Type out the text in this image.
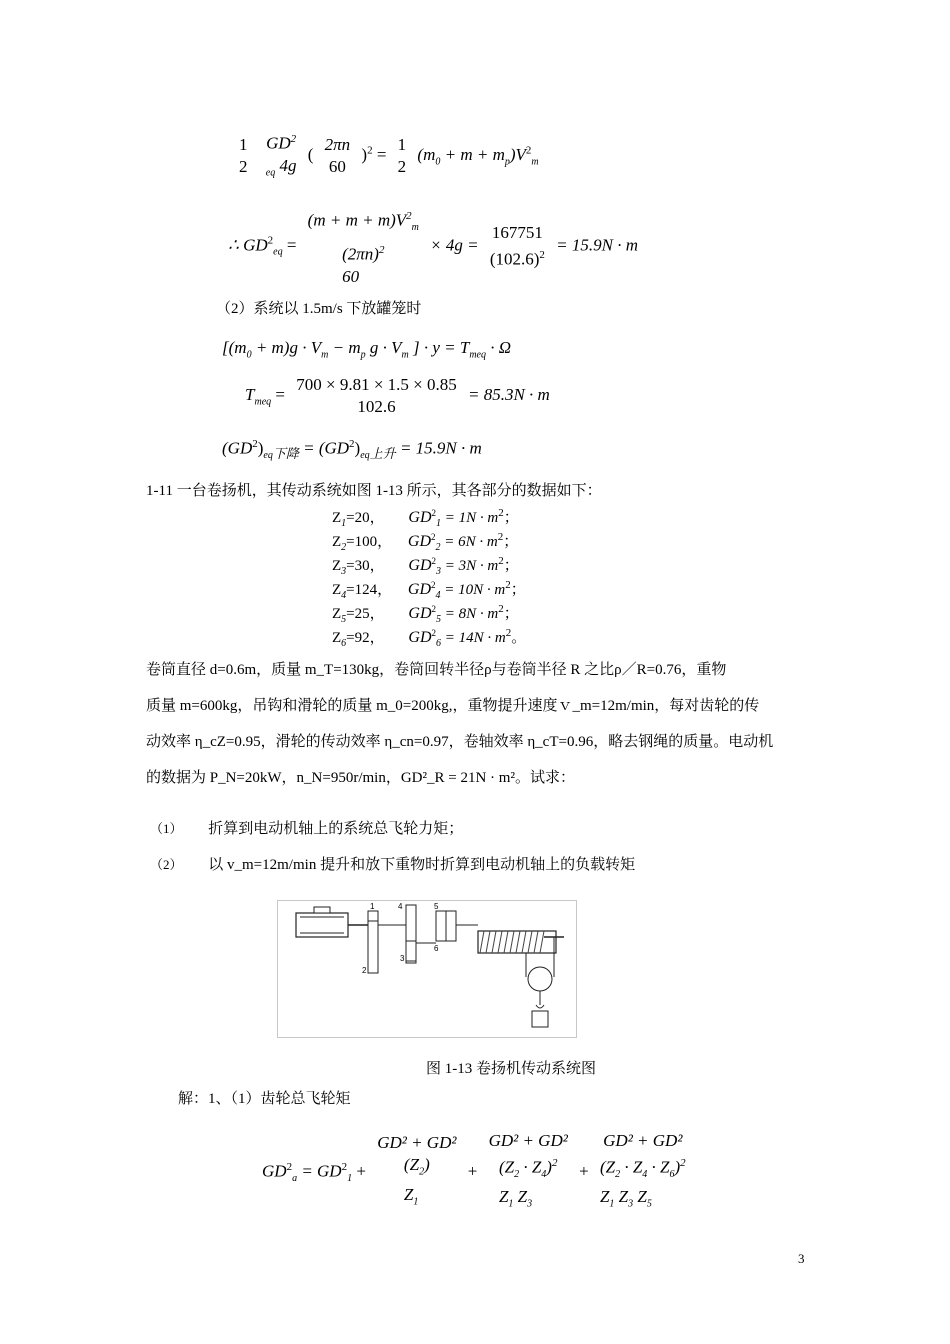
1
2

$GD^2$
$_{eq}$ 4g
(
2πn
60
)$^2$ =
1
2
$(m_0 + m + m_p)V^2_m$
∴ $GD^2_{eq}$ =
$(m + m + m)V^2_m$
$(2\pi n)^2$
60
× 4g =
167751
$(102.6)^2$
= 15.9N · m
（2）系统以 1.5m/s 下放罐笼时
[$(m_0 + m)g \cdot V_m - m_p$ $g \cdot V_m$ ] · $y = T_{meq} \cdot \Omega$
$T_{meq}$ =
700 × 9.81 × 1.5 × 0.85
102.6
= 85.3N · m
$(GD^2)_{eq下降} = (GD^2)_{eq上升} = 15.9N \cdot m$
1-11 一台卷扬机，其传动系统如图 1-13 所示，其各部分的数据如下：
$Z_1=20$， $GD^2_1 = 1N \cdot m^2$；
$Z_2=100$， $GD^2_2 = 6N \cdot m^2$；
$Z_3=30$， $GD^2_3 = 3N \cdot m^2$；
$Z_4=124$， $GD^2_4 = 10N \cdot m^2$；
$Z_5=25$， $GD^2_5 = 8N \cdot m^2$；
$Z_6=92$， $GD^2_6 = 14N \cdot m^2$。
卷筒直径 d=0.6m，质量 m_T=130kg，卷筒回转半径ρ与卷筒半径 R 之比ρ／R=0.76，重物
质量 m=600kg，吊钩和滑轮的质量 m_0=200kg,，重物提升速度ｖ_m=12m/min，每对齿轮的传
动效率 η_cZ=0.95，滑轮的传动效率 η_cn=0.97，卷轴效率 η_cT=0.96，略去钢绳的质量。电动机
的数据为 P_N=20kW，n_N=950r/min，GD²_R = 21N · m²。试求：
（1） 折算到电动机轴上的系统总飞轮力矩；
（2） 以 v_m=12m/min 提升和放下重物时折算到电动机轴上的负载转矩
1
2
3
4	5
6
图 1-13 卷扬机传动系统图
解：1、（1）齿轮总飞轮矩
$GD^2_a = GD^2_1$ +
GD² + GD²
$(Z_2)$
$Z_1$
+
GD² + GD²
$(Z_2 \cdot Z_4)^2$
$Z_1$ $Z_3$
+
GD² + GD²
$(Z_2 \cdot Z_4 \cdot Z_6)^2$
$Z_1$ $Z_3$ $Z_5$
3
